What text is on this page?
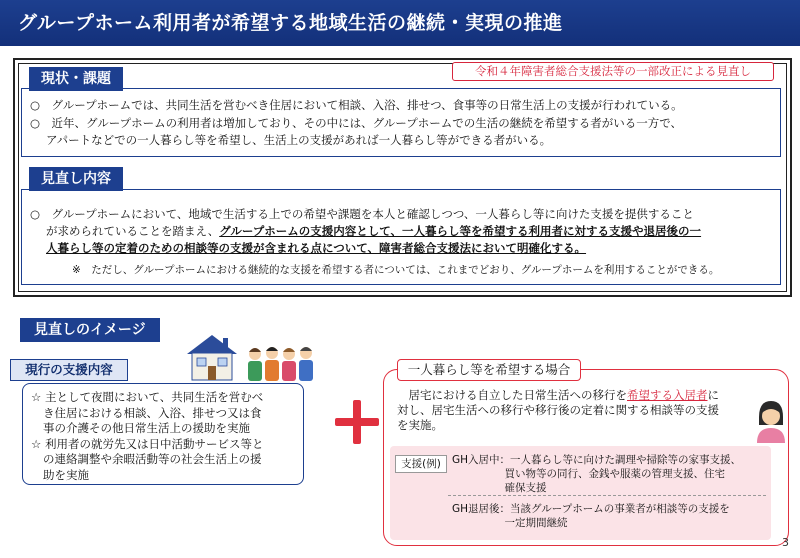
グループホーム利用者が希望する地域生活の継続・実現の推進
現状・課題	令和４年障害者総合支援法等の一部改正による見直し
○　グループホームでは、共同生活を営むべき住居において相談、入浴、排せつ、食事等の日常生活上の支援が行われている。
○　近年、グループホームの利用者は増加しており、その中には、グループホームでの生活の継続を希望する者がいる一方で、
アパートなどでの一人暮らし等を希望し、生活上の支援があれば一人暮らし等ができる者がいる。
見直し内容
○　グループホームにおいて、地域で生活する上での希望や課題を本人と確認しつつ、一人暮らし等に向けた支援を提供すること
が求められていることを踏まえ、グループホームの支援内容として、一人暮らし等を希望する利用者に対する支援や退居後の一
人暮らし等の定着のための相談等の支援が含まれる点について、障害者総合支援法において明確化する。
※　ただし、グループホームにおける継続的な支援を希望する者については、これまでどおり、グループホームを利用することができる。
見直しのイメージ
現行の支援内容
☆ 主として夜間において、共同生活を営むべ
き住居における相談、入浴、排せつ又は食
事の介護その他日常生活上の援助を実施
☆ 利用者の就労先又は日中活動サービス等と
の連絡調整や余暇活動等の社会生活上の援
助を実施
一人暮らし等を希望する場合
　居宅における自立した日常生活への移行を希望する入居者に
対し、居宅生活への移行や移行後の定着に関する相談等の支援
を実施。
支援(例)	GH入居中：一人暮らし等に向けた調理や掃除等の家事支援、
　　　　　買い物等の同行、金銭や服薬の管理支援、住宅
　　　　　確保支援
GH退居後：当該グループホームの事業者が相談等の支援を
　　　　　一定期間継続
3
